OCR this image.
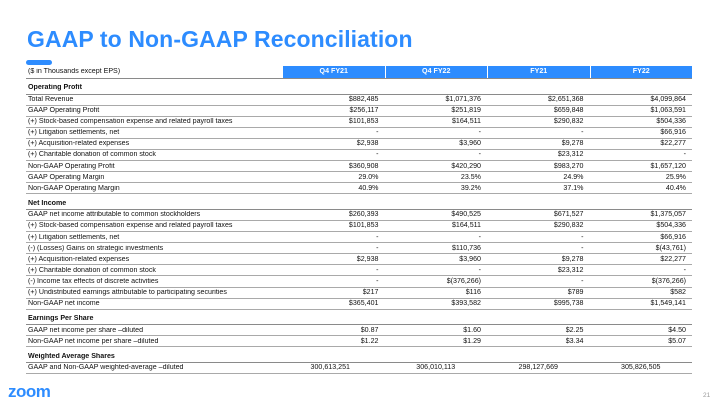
GAAP to Non-GAAP Reconciliation
($ in Thousands except EPS)	Q4 FY21	Q4 FY22	FY21	FY22
Operating Profit
Total Revenue	$882,485	$1,071,376	$2,651,368	$4,099,864
GAAP Operating Profit	$256,117	$251,819	$659,848	$1,063,591
(+) Stock-based compensation expense and related payroll taxes	$101,853	$164,511	$290,832	$504,336
(+) Litigation settlements, net	-	-	-	$66,916
(+) Acquisition-related expenses	$2,938	$3,960	$9,278	$22,277
(+) Charitable donation of common stock	-	-	$23,312	-
Non-GAAP Operating Profit	$360,908	$420,290	$983,270	$1,657,120
GAAP Operating Margin	29.0%	23.5%	24.9%	25.9%
Non-GAAP Operating Margin	40.9%	39.2%	37.1%	40.4%
Net Income
GAAP net income attributable to common stockholders	$260,393	$490,525	$671,527	$1,375,057
(+) Stock-based compensation expense and related payroll taxes	$101,853	$164,511	$290,832	$504,336
(+) Litigation settlements, net	-	-	-	$66,916
(-) (Losses) Gains on strategic investments	-	$110,736	-	$(43,761)
(+) Acquisition-related expenses	$2,938	$3,960	$9,278	$22,277
(+) Charitable donation of common stock	-	-	$23,312	-
(-) Income tax effects of discrete activities	-	$(376,266)	-	$(376,266)
(+) Undistributed earnings attributable to participating securities	$217	$116	$789	$582
Non-GAAP net income	$365,401	$393,582	$995,738	$1,549,141
Earnings Per Share
GAAP net income per share –diluted	$0.87	$1.60	$2.25	$4.50
Non-GAAP net income per share –diluted	$1.22	$1.29	$3.34	$5.07
Weighted Average Shares
GAAP and Non-GAAP weighted-average –diluted	300,613,251	306,010,113	298,127,669	305,826,505
zoom	21
